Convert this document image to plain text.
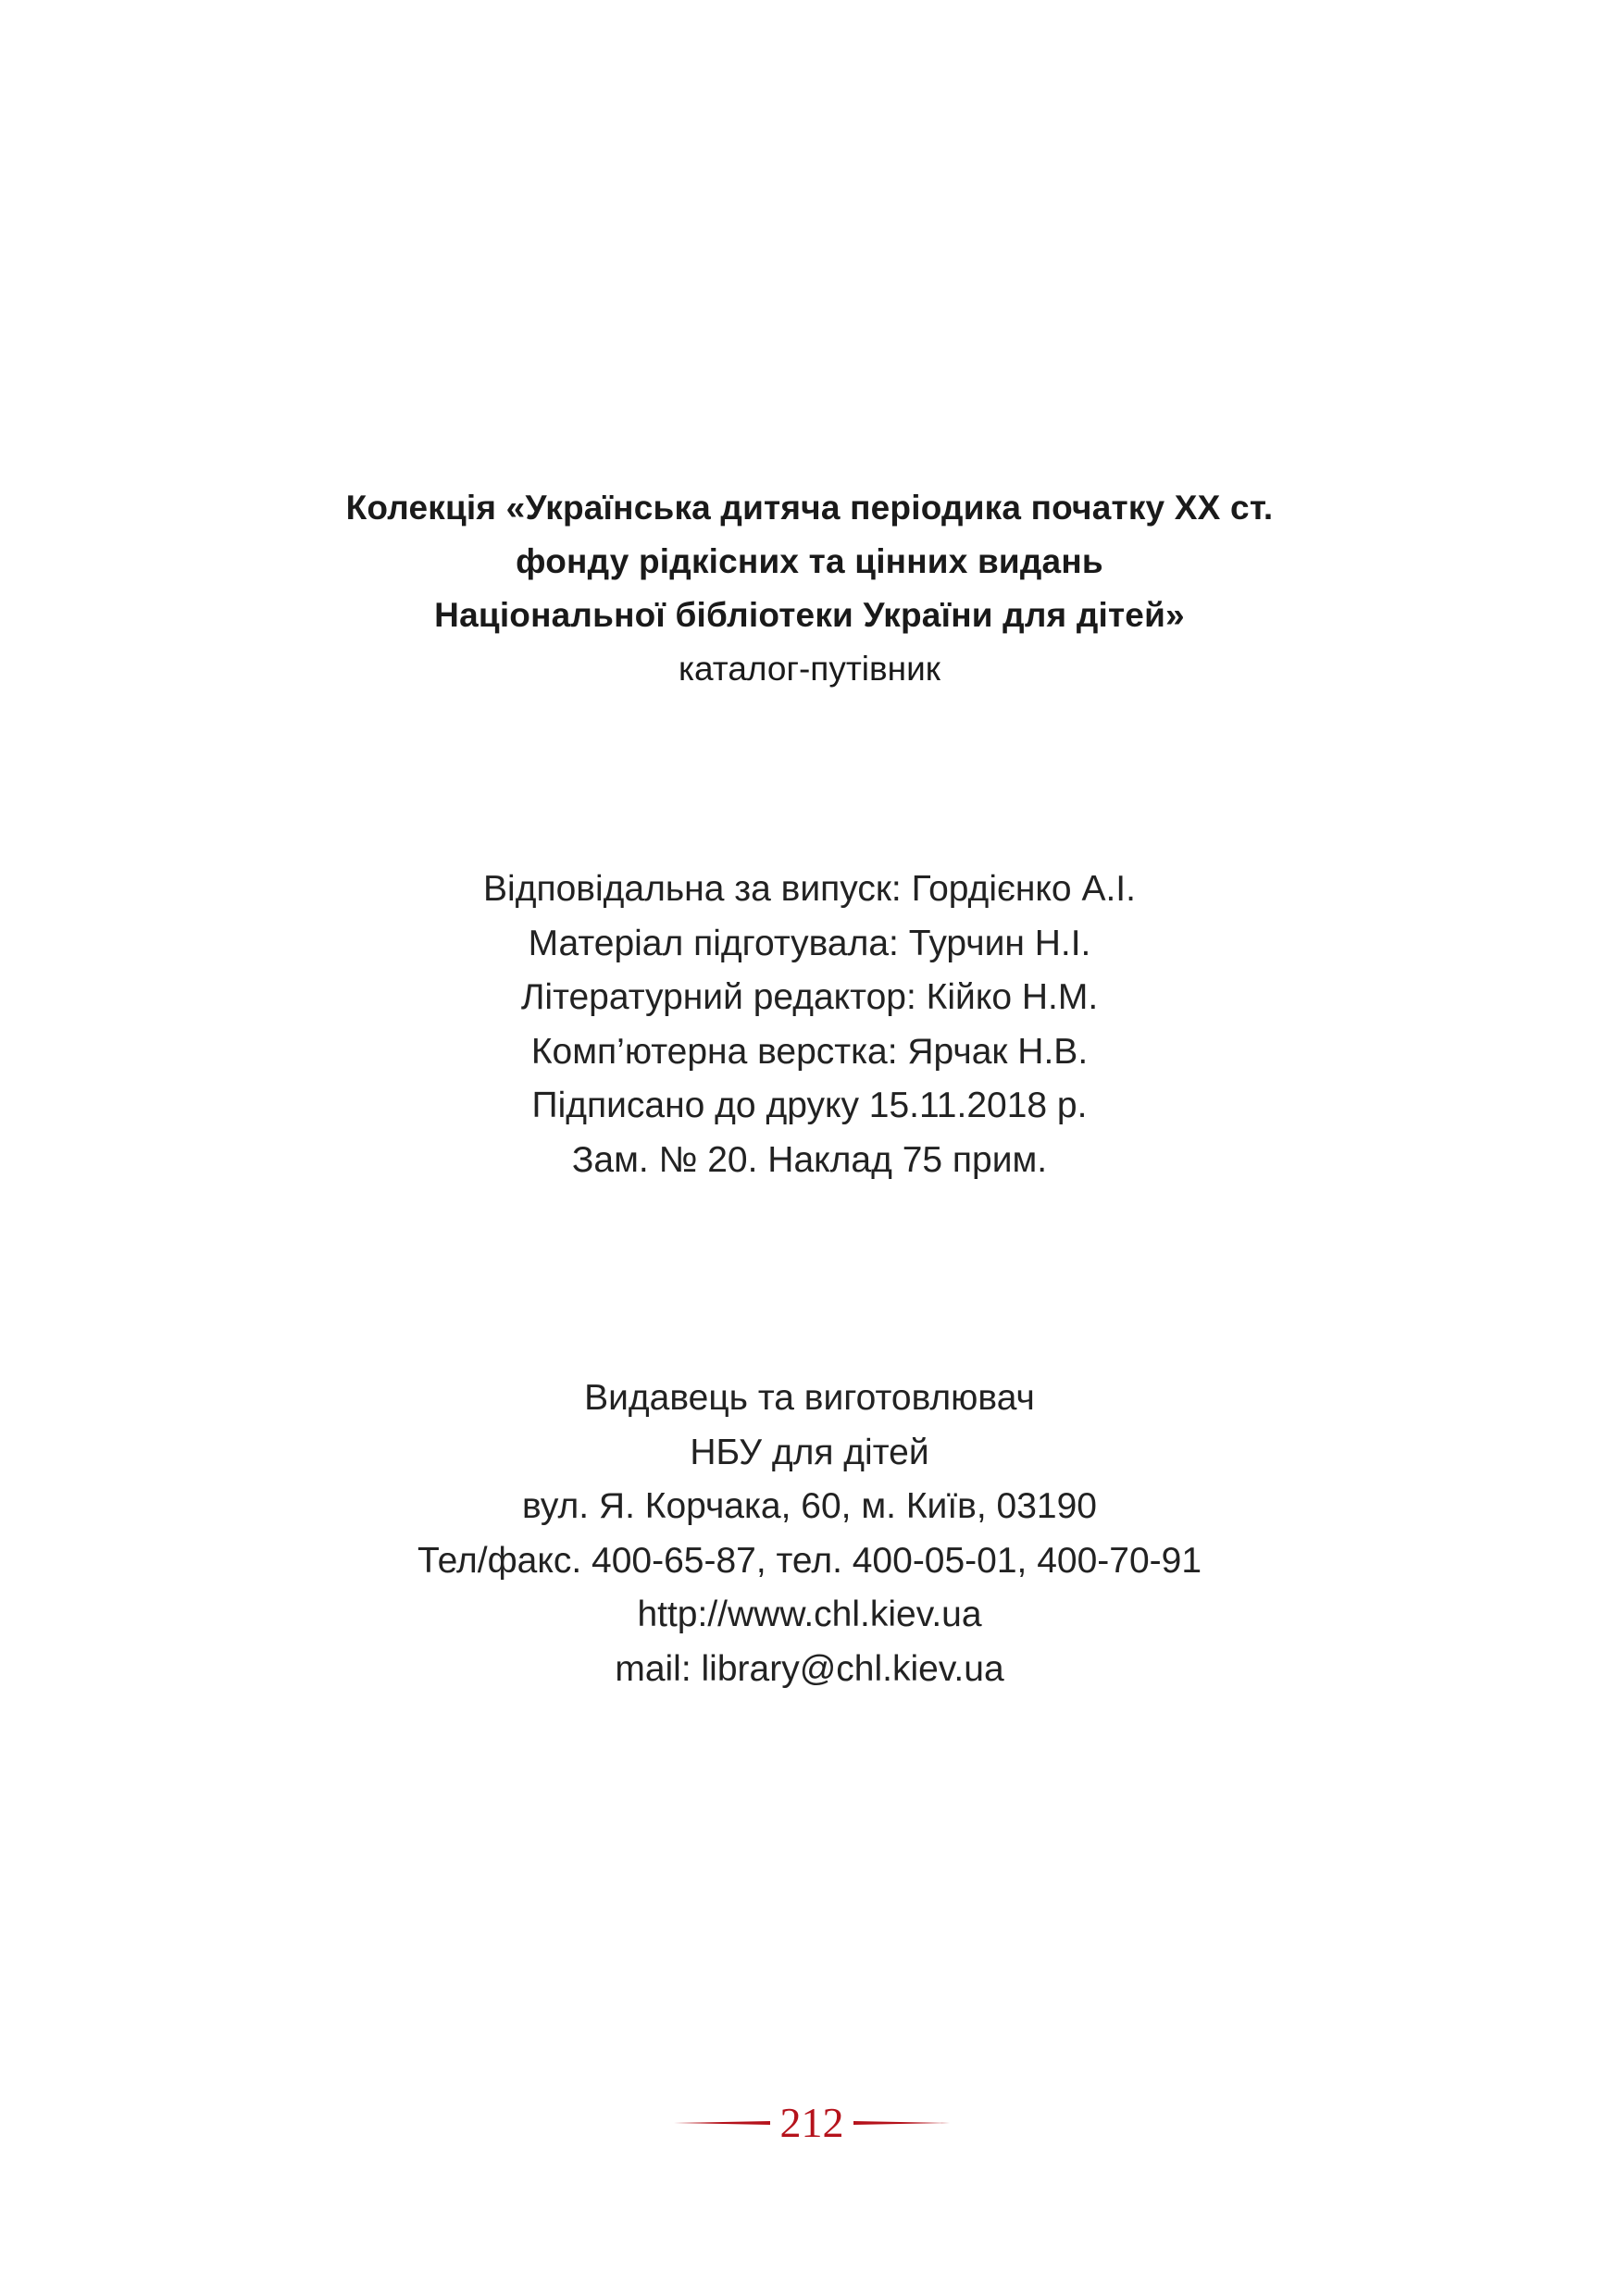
Колекція «Українська дитяча періодика початку ХХ ст.
фонду рідкісних та цінних видань
Національної бібліотеки України для дітей»
каталог-путівник
Відповідальна за випуск: Гордієнко А.І.
Матеріал підготувала: Турчин Н.І.
Літературний редактор: Кійко Н.М.
Комп’ютерна верстка: Ярчак Н.В.
Підписано до друку 15.11.2018 р.
Зам. № 20. Наклад 75 прим.
Видавець та виготовлювач
НБУ для дітей
вул. Я. Корчака, 60, м. Київ, 03190
Тел/факс. 400-65-87, тел. 400-05-01, 400-70-91
http://www.chl.kiev.ua
mail: library@chl.kiev.ua
212
